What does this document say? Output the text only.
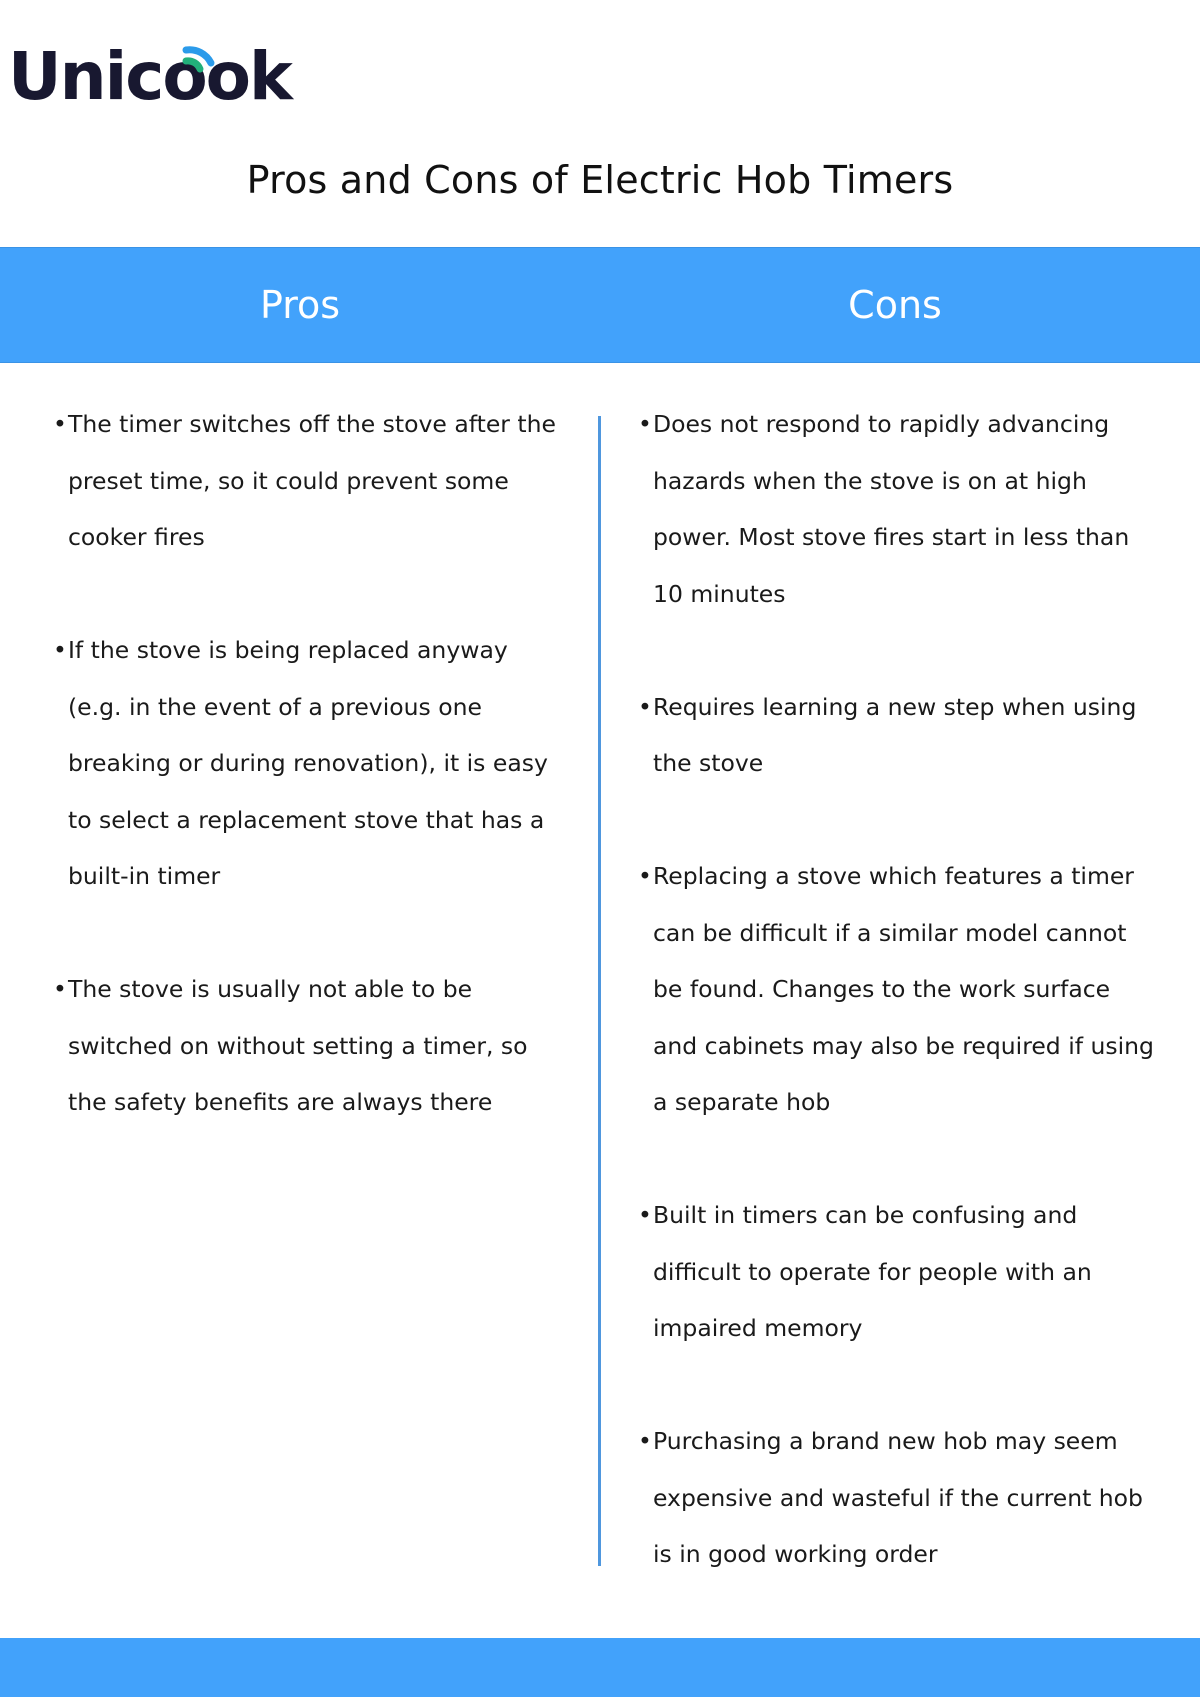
Unicook
Pros and Cons of Electric Hob Timers
Pros	Cons
• The timer switches off the stove after the preset time, so it could prevent some cooker fires
• If the stove is being replaced anyway (e.g. in the event of a previous one breaking or during renovation), it is easy to select a replacement stove that has a built-in timer
• The stove is usually not able to be switched on without setting a timer, so the safety benefits are always there
• Does not respond to rapidly advancing hazards when the stove is on at high power. Most stove fires start in less than 10 minutes
• Requires learning a new step when using the stove
• Replacing a stove which features a timer can be difficult if a similar model cannot be found. Changes to the work surface and cabinets may also be required if using a separate hob
• Built in timers can be confusing and difficult to operate for people with an impaired memory
• Purchasing a brand new hob may seem expensive and wasteful if the current hob is in good working order
